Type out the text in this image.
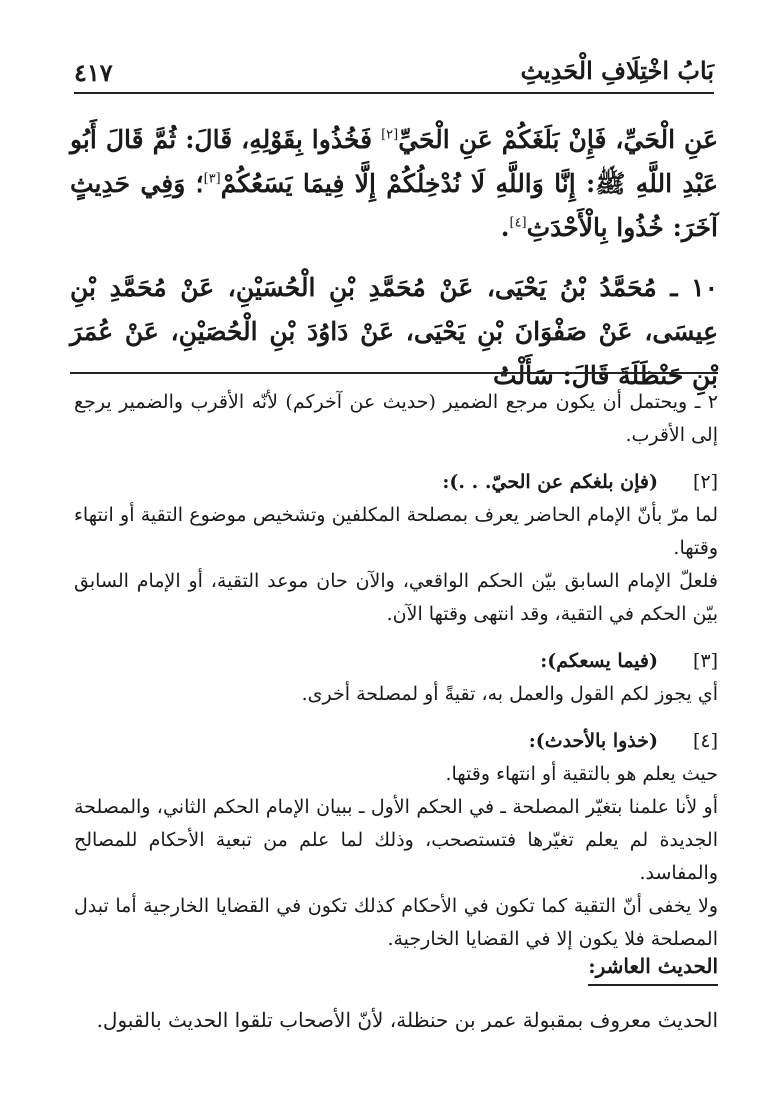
٤١٧	بَابُ اخْتِلَافِ الْحَدِيثِ

عَنِ الْحَيِّ، فَإِنْ بَلَغَكُمْ عَنِ الْحَيِّ[٢] فَخُذُوا بِقَوْلِهِ، قَالَ: ثُمَّ قَالَ أَبُو عَبْدِ اللَّهِ ﷺ: إِنَّا وَاللَّهِ لَا نُدْخِلُكُمْ إِلَّا فِيمَا يَسَعُكُمْ[٣]؛ وَفِي حَدِيثٍ آخَرَ: خُذُوا بِالْأَحْدَثِ[٤].

١٠ ـ مُحَمَّدُ بْنُ يَحْيَى، عَنْ مُحَمَّدِ بْنِ الْحُسَيْنِ، عَنْ مُحَمَّدِ بْنِ عِيسَى، عَنْ صَفْوَانَ بْنِ يَحْيَى، عَنْ دَاوُدَ بْنِ الْحُصَيْنِ، عَنْ عُمَرَ بْنِ حَنْظَلَةَ قَالَ: سَأَلْتُ

٢ ـ ويحتمل أن يكون مرجع الضمير (حديث عن آخركم) لأنّه الأقرب والضمير يرجع إلى الأقرب.

[٢]
(فإن بلغكم عن الحيّ. . .):

لما مرّ بأنّ الإمام الحاضر يعرف بمصلحة المكلفين وتشخيص موضوع التقية أو انتهاء وقتها.

فلعلّ الإمام السابق بيّن الحكم الواقعي، والآن حان موعد التقية، أو الإمام السابق بيّن الحكم في التقية، وقد انتهى وقتها الآن.

[٣]
(فيما يسعكم):

أي يجوز لكم القول والعمل به، تقيةً أو لمصلحة أخرى.

[٤]
(خذوا بالأحدث):

حيث يعلم هو بالتقية أو انتهاء وقتها.

أو لأنا علمنا بتغيّر المصلحة ـ في الحكم الأول ـ ببيان الإمام الحكم الثاني، والمصلحة الجديدة لم يعلم تغيّرها فتستصحب، وذلك لما علم من تبعية الأحكام للمصالح والمفاسد.

ولا يخفى أنّ التقية كما تكون في الأحكام كذلك تكون في القضايا الخارجية أما تبدل المصلحة فلا يكون إلا في القضايا الخارجية.

الحديث العاشر:
الحديث معروف بمقبولة عمر بن حنظلة، لأنّ الأصحاب تلقوا الحديث بالقبول.
